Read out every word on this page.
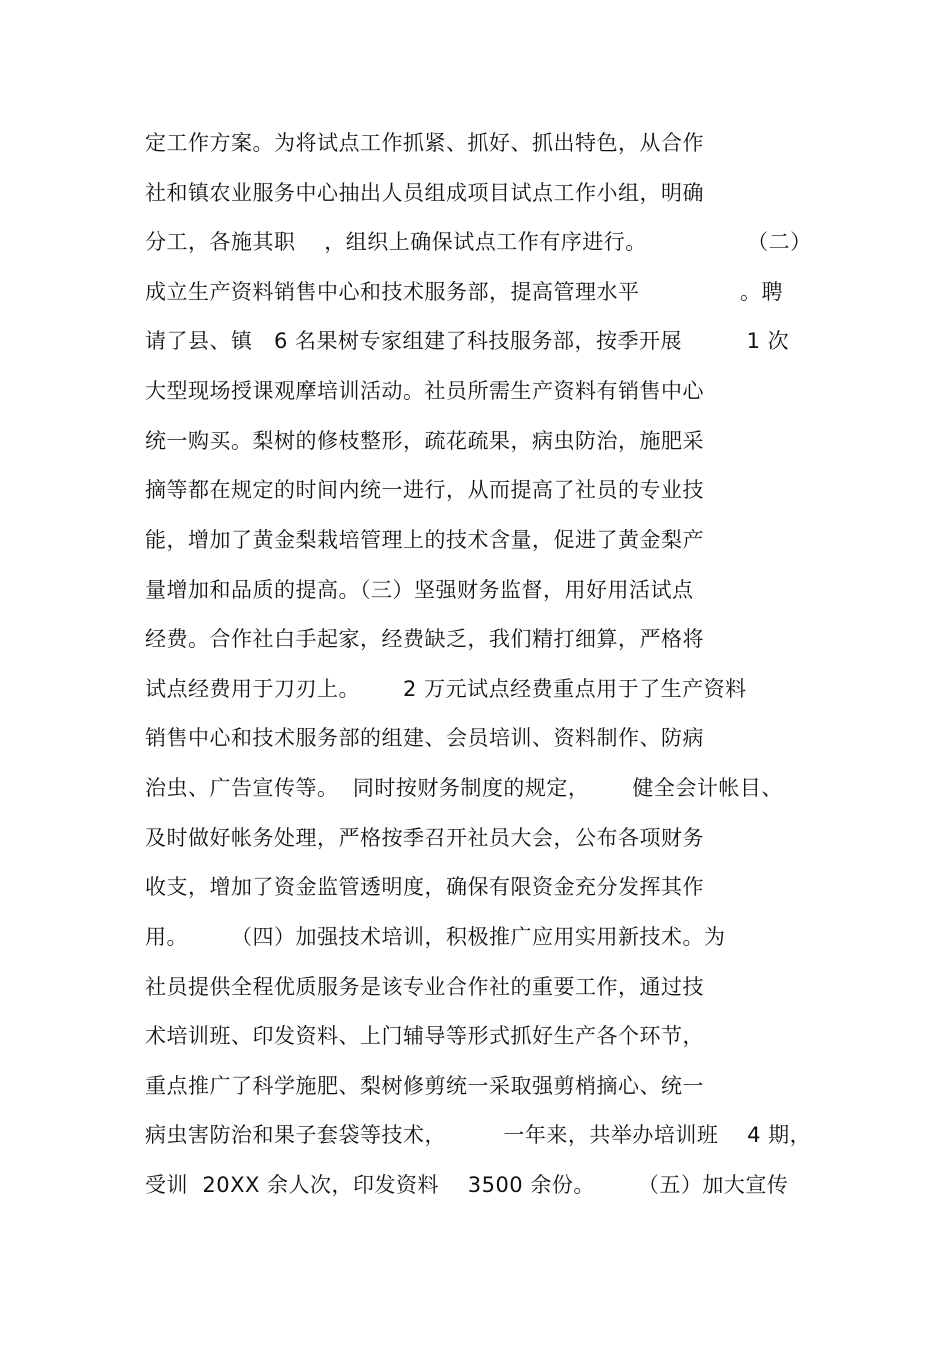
定工作方案。为将试点工作抓紧、抓好、抓出特色，从合作
社和镇农业服务中心抽出人员组成项目试点工作小组，明确
分工，各施其职    ，组织上确保试点工作有序进行。              （二）
成立生产资料销售中心和技术服务部，提高管理水平              。聘
请了县、镇   6 名果树专家组建了科技服务部，按季开展         1 次
大型现场授课观摩培训活动。社员所需生产资料有销售中心
统一购买。梨树的修枝整形，疏花疏果，病虫防治，施肥采
摘等都在规定的时间内统一进行，从而提高了社员的专业技
能，增加了黄金梨栽培管理上的技术含量，促进了黄金梨产
量增加和品质的提高。（三）坚强财务监督，用好用活试点
经费。合作社白手起家，经费缺乏，我们精打细算，严格将
试点经费用于刀刃上。      2 万元试点经费重点用于了生产资料
销售中心和技术服务部的组建、会员培训、资料制作、防病
治虫、广告宣传等。  同时按财务制度的规定，      健全会计帐目、
及时做好帐务处理，严格按季召开社员大会，公布各项财务
收支，增加了资金监管透明度，确保有限资金充分发挥其作
用。      （四）加强技术培训，积极推广应用实用新技术。为
社员提供全程优质服务是该专业合作社的重要工作，通过技
术培训班、印发资料、上门辅导等形式抓好生产各个环节，
重点推广了科学施肥、梨树修剪统一采取强剪梢摘心、统一
病虫害防治和果子套袋等技术，        一年来，共举办培训班    4 期，
受训  20XX 余人次，印发资料    3500 余份。      （五）加大宣传
